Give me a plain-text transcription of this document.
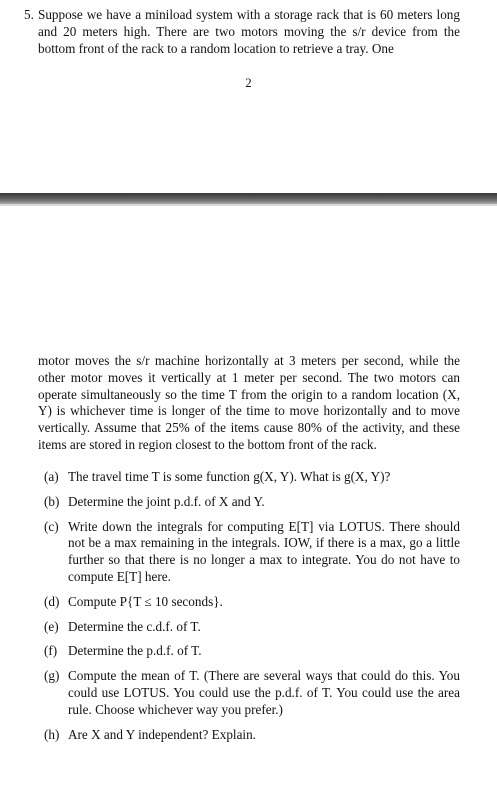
5. Suppose we have a miniload system with a storage rack that is 60 meters long and 20 meters high. There are two motors moving the s/r device from the bottom front of the rack to a random location to retrieve a tray. One
2
motor moves the s/r machine horizontally at 3 meters per second, while the other motor moves it vertically at 1 meter per second. The two motors can operate simultaneously so the time T from the origin to a random location (X, Y) is whichever time is longer of the time to move horizontally and to move vertically. Assume that 25% of the items cause 80% of the activity, and these items are stored in region closest to the bottom front of the rack.
(a) The travel time T is some function g(X, Y). What is g(X, Y)?
(b) Determine the joint p.d.f. of X and Y.
(c) Write down the integrals for computing E[T] via LOTUS. There should not be a max remaining in the integrals. IOW, if there is a max, go a little further so that there is no longer a max to integrate. You do not have to compute E[T] here.
(d) Compute P{T ≤ 10 seconds}.
(e) Determine the c.d.f. of T.
(f) Determine the p.d.f. of T.
(g) Compute the mean of T. (There are several ways that could do this. You could use LOTUS. You could use the p.d.f. of T. You could use the area rule. Choose whichever way you prefer.)
(h) Are X and Y independent? Explain.
